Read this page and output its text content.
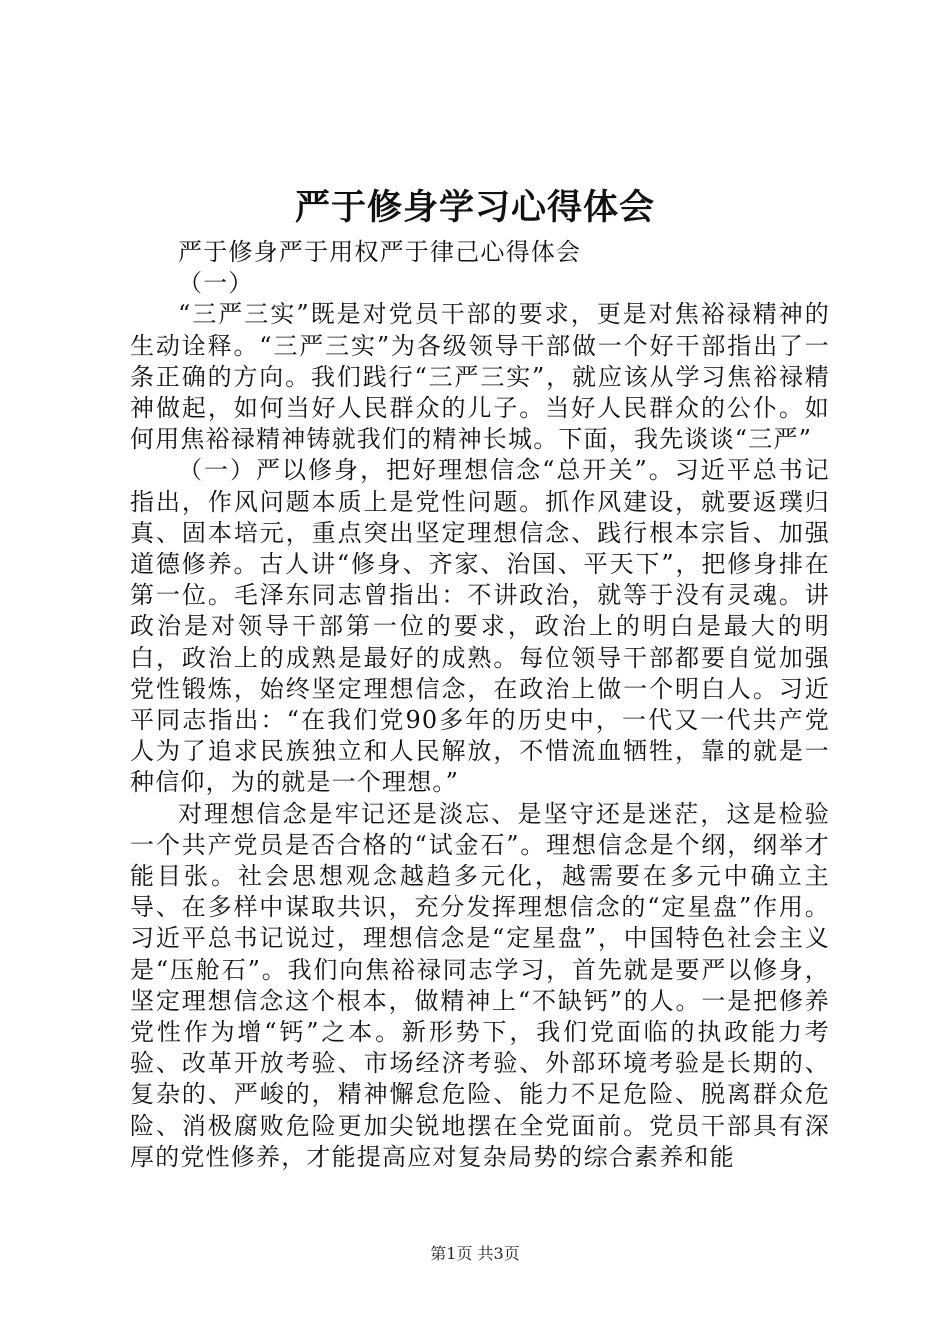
严于修身学习心得体会

严于修身严于用权严于律己心得体会

（一）

“三严三实”既是对党员干部的要求，更是对焦裕禄精神的生动诠释。“三严三实”为各级领导干部做一个好干部指出了一条正确的方向。我们践行“三严三实”，就应该从学习焦裕禄精神做起，如何当好人民群众的儿子。当好人民群众的公仆。如何用焦裕禄精神铸就我们的精神长城。下面，我先谈谈“三严”

（一）严以修身，把好理想信念“总开关”。习近平总书记指出，作风问题本质上是党性问题。抓作风建设，就要返璞归真、固本培元，重点突出坚定理想信念、践行根本宗旨、加强道德修养。古人讲“修身、齐家、治国、平天下”，把修身排在第一位。毛泽东同志曾指出：不讲政治，就等于没有灵魂。讲政治是对领导干部第一位的要求，政治上的明白是最大的明白，政治上的成熟是最好的成熟。每位领导干部都要自觉加强党性锻炼，始终坚定理想信念，在政治上做一个明白人。习近平同志指出：“在我们党90多年的历史中，一代又一代共产党人为了追求民族独立和人民解放，不惜流血牺牲，靠的就是一种信仰，为的就是一个理想。”

对理想信念是牢记还是淡忘、是坚守还是迷茫，这是检验一个共产党员是否合格的“试金石”。理想信念是个纲，纲举才能目张。社会思想观念越趋多元化，越需要在多元中确立主导、在多样中谋取共识，充分发挥理想信念的“定星盘”作用。习近平总书记说过，理想信念是“定星盘”，中国特色社会主义是“压舱石”。我们向焦裕禄同志学习，首先就是要严以修身，坚定理想信念这个根本，做精神上“不缺钙”的人。一是把修养党性作为增“钙”之本。新形势下，我们党面临的执政能力考验、改革开放考验、市场经济考验、外部环境考验是长期的、复杂的、严峻的，精神懈怠危险、能力不足危险、脱离群众危险、消极腐败危险更加尖锐地摆在全党面前。党员干部具有深厚的党性修养，才能提高应对复杂局势的综合素养和能

第1页 共3页
